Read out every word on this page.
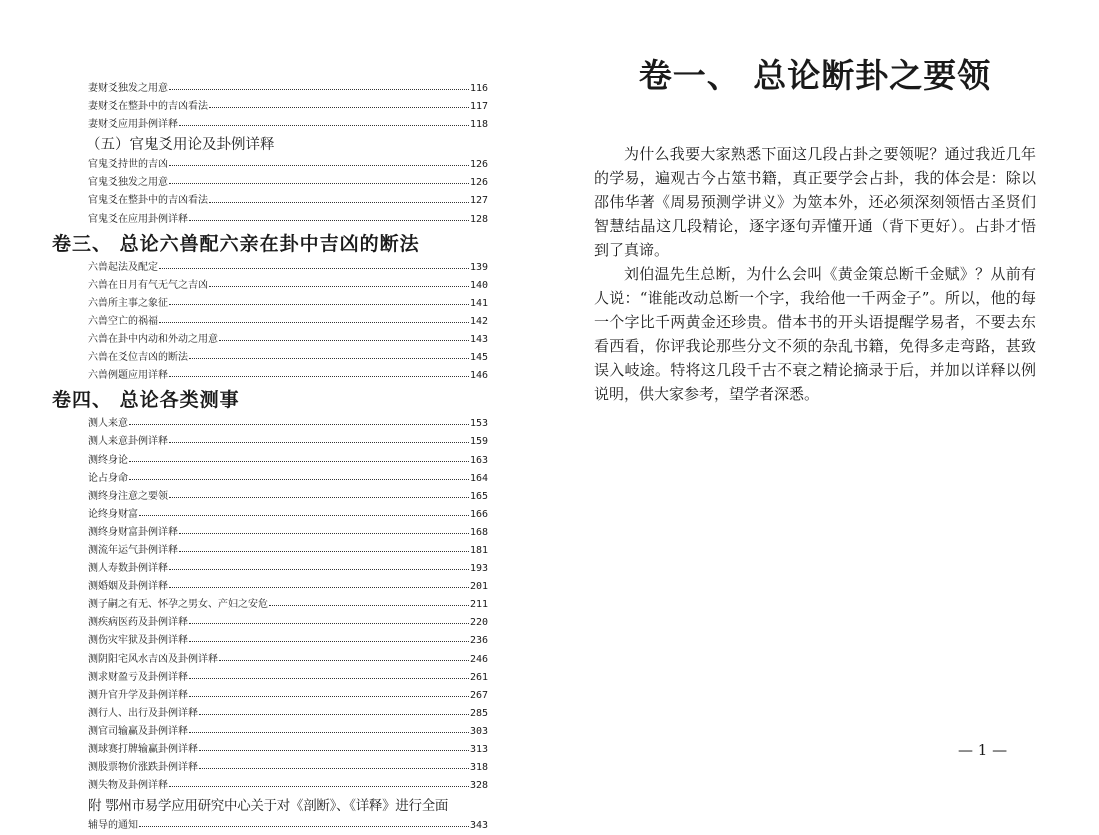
妻财爻独发之用意	116
妻财爻在整卦中的吉凶看法	117
妻财爻应用卦例详释	118
（五）官鬼爻用论及卦例详释
官鬼爻持世的吉凶	126
官鬼爻独发之用意	126
官鬼爻在整卦中的吉凶看法	127
官鬼爻在应用卦例详释	128
卷三、 总论六兽配六亲在卦中吉凶的断法
六兽起法及配定	139
六兽在日月有气无气之吉凶	140
六兽所主事之象征	141
六兽空亡的祸福	142
六兽在卦中内动和外动之用意	143
六兽在爻位吉凶的断法	145
六兽例题应用详释	146
卷四、 总论各类测事
测人来意	153
测人来意卦例详释	159
测终身论	163
论占身命	164
测终身注意之要领	165
论终身财富	166
测终身财富卦例详释	168
测流年运气卦例详释	181
测人寿数卦例详释	193
测婚姻及卦例详释	201
测子嗣之有无、怀孕之男女、产妇之安危	211
测疾病医药及卦例详释	220
测伤灾牢狱及卦例详释	236
测阴阳宅风水吉凶及卦例详释	246
测求财盈亏及卦例详释	261
测升官升学及卦例详释	267
测行人、出行及卦例详释	285
测官司输赢及卦例详释	303
测球赛打牌输赢卦例详释	313
测股票物价涨跌卦例详释	318
测失物及卦例详释	328
附 鄂州市易学应用研究中心关于对《剖断》、《详释》进行全面
辅导的通知	343
卷一、 总论断卦之要领

为什么我要大家熟悉下面这几段占卦之要领呢？通过我近几年的学易，遍观古今占筮书籍，真正要学会占卦，我的体会是：除以邵伟华著《周易预测学讲义》为筮本外，还必须深刻领悟古圣贤们智慧结晶这几段精论，逐字逐句弄懂开通（背下更好）。占卦才悟到了真谛。

刘伯温先生总断，为什么会叫《黄金策总断千金赋》？从前有人说：“谁能改动总断一个字，我给他一千两金子”。所以，他的每一个字比千两黄金还珍贵。借本书的开头语提醒学易者，不要去东看西看，你评我论那些分文不须的杂乱书籍，免得多走弯路，甚致误入岐途。特将这几段千古不衰之精论摘录于后，并加以详释以例说明，供大家参考，望学者深悉。

— 1 —
